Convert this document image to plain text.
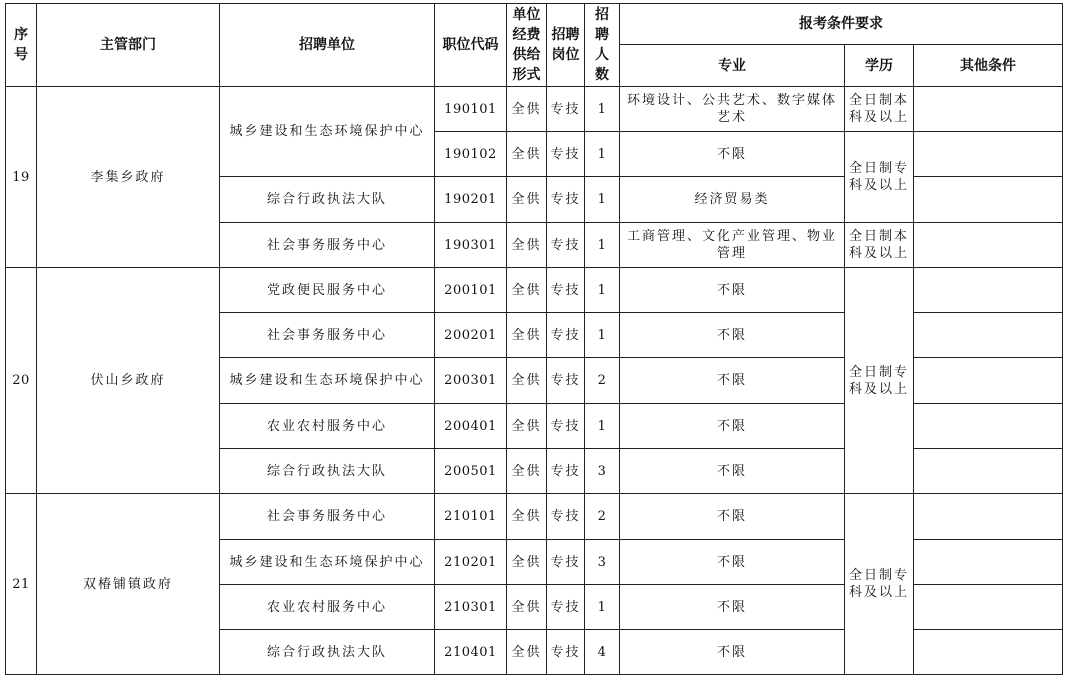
序号	主管部门	招聘单位	职位代码	单位经费供给形式	招聘岗位	招聘人数	报考条件要求		
							专业	学历	其他条件
19	李集乡政府	城乡建设和生态环境保护中心	190101	全供	专技	1	环境设计、公共艺术、数字媒体艺术	全日制本科及以上	
			190102	全供	专技	1	不限	全日制专科及以上	
		综合行政执法大队	190201	全供	专技	1	经济贸易类		
		社会事务服务中心	190301	全供	专技	1	工商管理、文化产业管理、物业管理	全日制本科及以上	
20	伏山乡政府	党政便民服务中心	200101	全供	专技	1	不限	全日制专科及以上	
		社会事务服务中心	200201	全供	专技	1	不限		
		城乡建设和生态环境保护中心	200301	全供	专技	2	不限		
		农业农村服务中心	200401	全供	专技	1	不限		
		综合行政执法大队	200501	全供	专技	3	不限		
21	双椿铺镇政府	社会事务服务中心	210101	全供	专技	2	不限	全日制专科及以上	
		城乡建设和生态环境保护中心	210201	全供	专技	3	不限		
		农业农村服务中心	210301	全供	专技	1	不限		
		综合行政执法大队	210401	全供	专技	4	不限		
